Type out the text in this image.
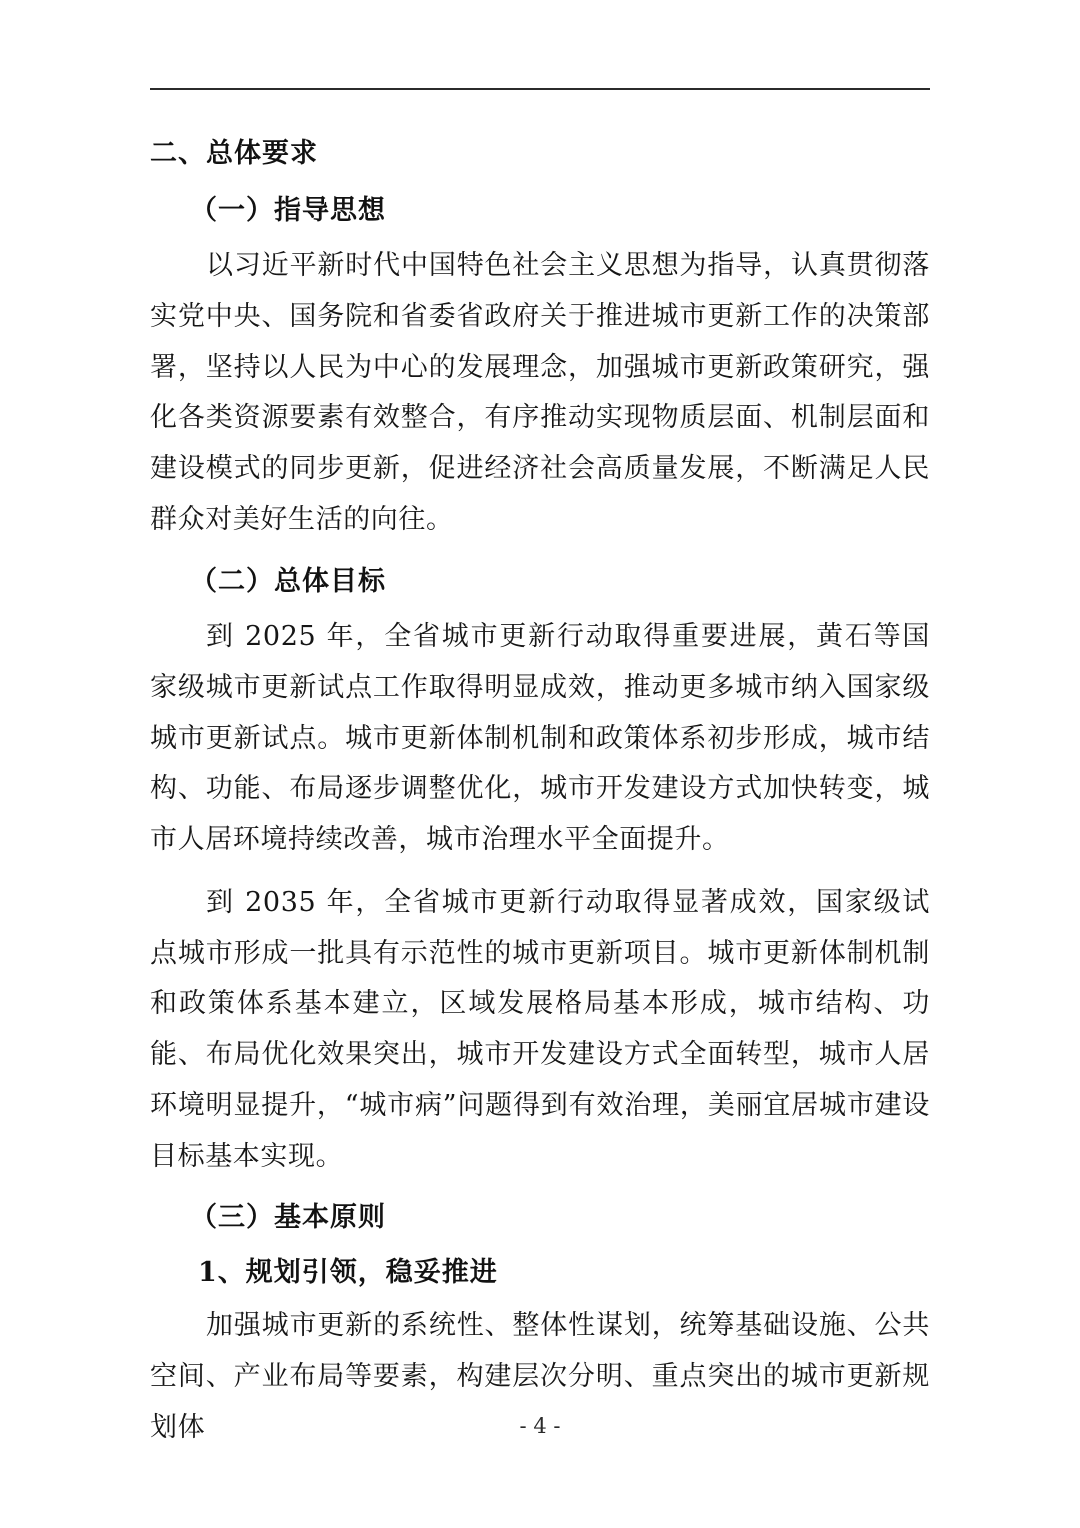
二、总体要求
（一）指导思想

以习近平新时代中国特色社会主义思想为指导，认真贯彻落实党中央、国务院和省委省政府关于推进城市更新工作的决策部署，坚持以人民为中心的发展理念，加强城市更新政策研究，强化各类资源要素有效整合，有序推动实现物质层面、机制层面和建设模式的同步更新，促进经济社会高质量发展，不断满足人民群众对美好生活的向往。

（二）总体目标

到 2025 年，全省城市更新行动取得重要进展，黄石等国家级城市更新试点工作取得明显成效，推动更多城市纳入国家级城市更新试点。城市更新体制机制和政策体系初步形成，城市结构、功能、布局逐步调整优化，城市开发建设方式加快转变，城市人居环境持续改善，城市治理水平全面提升。

到 2035 年，全省城市更新行动取得显著成效，国家级试点城市形成一批具有示范性的城市更新项目。城市更新体制机制和政策体系基本建立，区域发展格局基本形成，城市结构、功能、布局优化效果突出，城市开发建设方式全面转型，城市人居环境明显提升，“城市病”问题得到有效治理，美丽宜居城市建设目标基本实现。

（三）基本原则
1、规划引领，稳妥推进

加强城市更新的系统性、整体性谋划，统筹基础设施、公共空间、产业布局等要素，构建层次分明、重点突出的城市更新规划体	- 4 -
